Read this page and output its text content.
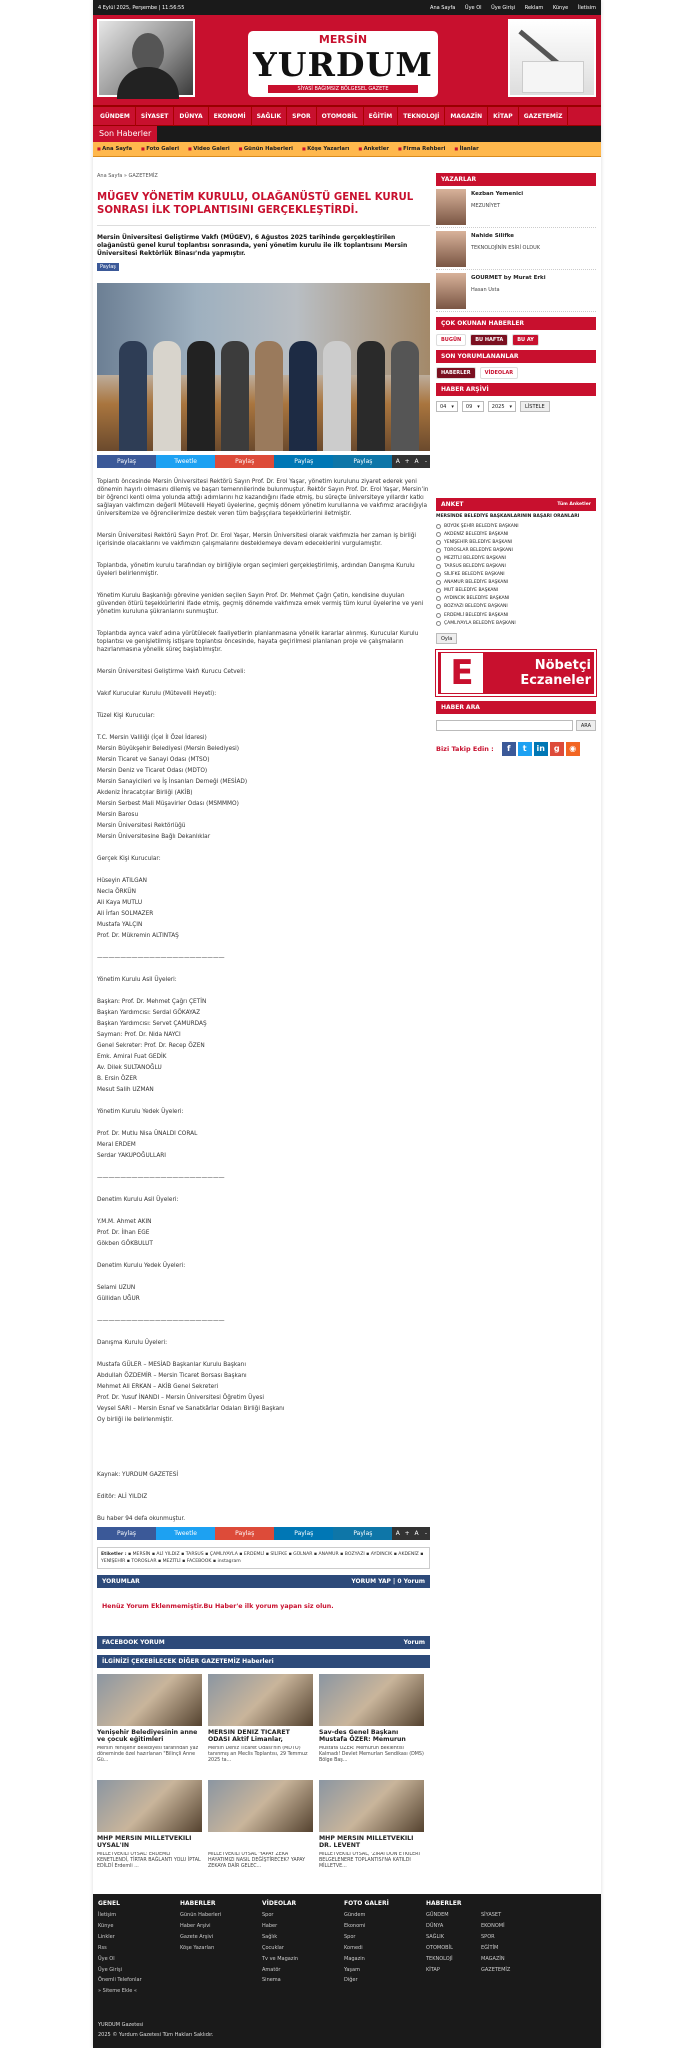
4 Eylül 2025, Perşembe | 11:56:55	Ana Sayfa Üye Ol Üye Girişi Reklam Künye İletisim
MERSİN
YURDUM
SİYASİ BAĞIMSIZ BÖLGESEL GAZETE
GÜNDEM	SİYASET	DÜNYA	EKONOMİ	SAĞLIK	SPOR	OTOMOBİL	EĞİTİM	TEKNOLOJİ	MAGAZİN	KİTAP	GAZETEMİZ
Son Haberler
■ Ana Sayfa	■ Foto Galeri	■ Video Galeri	■ Günün Haberleri	■ Köşe Yazarları	■ Anketler	■ Firma Rehberi	■ İlanlar
Ana Sayfa » GAZETEMİZ
MÜGEV YÖNETİM KURULU, OLAĞANÜSTÜ GENEL KURUL SONRASI İLK TOPLANTISINI GERÇEKLEŞTİRDİ.
Mersin Üniversitesi Geliştirme Vakfı (MÜGEV), 6 Ağustos 2025 tarihinde gerçekleştirilen olağanüstü genel kurul toplantısı sonrasında, yeni yönetim kurulu ile ilk toplantısını Mersin Üniversitesi Rektörlük Binası’nda yapmıştır.
Paylaş
Paylaş	Tweetle	Paylaş	Paylaş	Paylaş	A + A	-

Toplantı öncesinde Mersin Üniversitesi Rektörü Sayın Prof. Dr. Erol Yaşar, yönetim kurulunu ziyaret ederek yeni dönemin hayırlı olmasını dilemiş ve başarı temennilerinde bulunmuştur. Rektör Sayın Prof. Dr. Erol Yaşar, Mersin’in bir öğrenci kenti olma yolunda attığı adımlarını hız kazandığını ifade etmiş, bu süreçte üniversiteye yıllardır katkı sağlayan vakfımızın değerli Mütevelli Heyeti üyelerine, geçmiş dönem yönetim kurullarına ve vakfımız aracılığıyla üniversitemize ve öğrencilerimize destek veren tüm bağışçılara teşekkürlerini iletmiştir.

Mersin Üniversitesi Rektörü Sayın Prof. Dr. Erol Yaşar, Mersin Üniversitesi olarak vakfımızla her zaman iş birliği içerisinde olacaklarını ve vakfımızın çalışmalarını desteklemeye devam edeceklerini vurgulamıştır.

Toplantıda, yönetim kurulu tarafından oy birliğiyle organ seçimleri gerçekleştirilmiş, ardından Danışma Kurulu üyeleri belirlenmiştir.

Yönetim Kurulu Başkanlığı görevine yeniden seçilen Sayın Prof. Dr. Mehmet Çağrı Çetin, kendisine duyulan güvenden ötürü teşekkürlerini ifade etmiş, geçmiş dönemde vakfımıza emek vermiş tüm kurul üyelerine ve yeni yönetim kuruluna şükranlarını sunmuştur.

Toplantıda ayrıca vakıf adına yürütülecek faaliyetlerin planlanmasına yönelik kararlar alınmış. Kurucular Kurulu toplantısı ve genişletilmiş istişare toplantısı öncesinde, hayata geçirilmesi planlanan proje ve çalışmaların hazırlanmasına yönelik süreç başlatılmıştır.

Mersin Üniversitesi Geliştirme Vakfı Kurucu Cetveli:

Vakıf Kurucular Kurulu (Mütevelli Heyeti):

Tüzel Kişi Kurucular:

T.C. Mersin Valiliği (İçel İl Özel İdaresi)

Mersin Büyükşehir Belediyesi (Mersin Belediyesi)

Mersin Ticaret ve Sanayi Odası (MTSO)

Mersin Deniz ve Ticaret Odası (MDTO)

Mersin Sanayicileri ve İş İnsanları Derneği (MESİAD)

Akdeniz İhracatçılar Birliği (AKİB)

Mersin Serbest Mali Müşavirler Odası (MSMMMO)

Mersin Barosu

Mersin Üniversitesi Rektörlüğü

Mersin Üniversitesine Bağlı Dekanlıklar

Gerçek Kişi Kurucular:

Hüseyin ATILGAN

Necla ÖRKÜN

Ali Kaya MUTLU

Ali İrfan SOLMAZER

Mustafa YALÇIN

Prof. Dr. Mükremin ALTINTAŞ

——————————————————————

Yönetim Kurulu Asil Üyeleri:

Başkan: Prof. Dr. Mehmet Çağrı ÇETİN

Başkan Yardımcısı: Serdal GÖKAYAZ

Başkan Yardımcısı: Servet ÇAMURDAŞ

Sayman: Prof. Dr. Nida NAYCI

Genel Sekreter: Prof. Dr. Recep ÖZEN

Emk. Amiral Fuat GEDİK

Av. Dilek SULTANOĞLU

B. Ersin ÖZER

Mesut Salih UZMAN

Yönetim Kurulu Yedek Üyeleri:

Prof. Dr. Mutlu Nisa ÜNALDI CORAL

Meral ERDEM

Serdar YAKUPOĞULLARI

——————————————————————

Denetim Kurulu Asil Üyeleri:

Y.M.M. Ahmet AKIN

Prof. Dr. İlhan EGE

Gökben GÖKBULUT

Denetim Kurulu Yedek Üyeleri:

Selami UZUN

Güllidan UĞUR

——————————————————————

Danışma Kurulu Üyeleri:

Mustafa GÜLER – MESİAD Başkanlar Kurulu Başkanı

Abdullah ÖZDEMİR – Mersin Ticaret Borsası Başkanı

Mehmet Ali ERKAN – AKİB Genel Sekreteri

Prof. Dr. Yusuf İNANDI – Mersin Üniversitesi Öğretim Üyesi

Veysel SARI – Mersin Esnaf ve Sanatkârlar Odaları Birliği Başkanı

Oy birliği ile belirlenmiştir.

Kaynak: YURDUM GAZETESİ

Editör: ALİ YILDIZ

Bu haber 94 defa okunmuştur.

Paylaş	Tweetle	Paylaş	Paylaş	Paylaş	A + A	-
Etiketler : ▪ MERSİN ▪ ALİ YILDIZ ▪ TARSUS ▪ ÇAMLIYAYLA ▪ ERDEMLİ ▪ SİLİFKE ▪ GÜLNAR ▪ ANAMUR ▪ BOZYAZI ▪ AYDINCIK ▪ AKDENİZ ▪ YENİŞEHİR ▪ TOROSLAR ▪ MEZİTLİ ▪ FACEBOOK ▪ instagram
YORUMLAR	YORUM YAP | 0 Yorum
Henüz Yorum Eklenmemiştir.Bu Haber'e ilk yorum yapan siz olun.
FACEBOOK YORUM	Yorum
İLGİNİZİ ÇEKEBİLECEK DİĞER GAZETEMİZ Haberleri
Yenişehir Belediyesinin anne ve çocuk eğitimleri
Mersin Yenişehir Belediyesi tarafından yaz döneminde özel hazırlanan "Bilinçli Anne Gü...
MERSİN DENİZ TİCARET ODASI Aktif Limanlar,
Mersin Deniz Ticaret Odası'nın (MDTO) tanınmış arı Meclis Toplantısı, 29 Temmuz 2025 ta...
Sav-des Genel Başkanı Mustafa ÖZER: Memurun
Mustafa ÖZER: Memurun Beklentisi Kalmadı! Devlet Memurları Sendikası (DMS) Bölge Baş...
MHP MERSİN MİLLETVEKİLİ UYSAL'IN
MİLLETVEKİLİ UYSAL: ERDEMLİ KENETLENDİ, TİRTAR BAĞLANTI YOLU İPTAL EDİLDİ Erdemli ...
MİLLETVEKİLİ UYSAL 'YAPAY ZEKA HAYATIMIZI NASIL DEĞİŞTİRECEK? YAPAY ZEKAYA DAİR GELEC...
MHP MERSİN MİLLETVEKİLİ DR. LEVENT
MİLLETVEKİLİ UYSAL, 'ZİRAİ DON ETKİLERİ BELGELENERE TOPLANTISI'NA KATILDI MİLLETVE...
YAZARLAR
Kezban Yemenici
MEZUNİYET
Nahide Silifke
TEKNOLOJİNİN ESİRİ OLDUK
GOURMET by Murat Erki
Hasan Usta
ÇOK OKUNAN HABERLER
BUGÜN	BU HAFTA	BU AY
SON YORUMLANANLAR
HABERLER	VİDEOLAR
HABER ARŞİVİ
04 ▾ 09 ▾ 2025 ▾	LİSTELE
ANKET	Tüm Anketler
MERSİNDE BELEDİYE BAŞKANLARININ BAŞARI ORANLARI
BÜYÜK ŞEHİR BELEDİYE BAŞKANI
AKDENİZ BELEDİYE BAŞKANI
YENİŞEHİR BELEDİYE BAŞKANI
TOROSLAR BELEDİYE BAŞKANI
MEZİTLİ BELEDİYE BAŞKANI
TARSUS BELEDİYE BAŞKANI
SİLİFKE BELEDİYE BAŞKANI
ANAMUR BELEDİYE BAŞKANI
MUT BELEDİYE BAŞKANI
AYDINCIK BELEDİYE BAŞKANI
BOZYAZI BELEDİYE BAŞKANI
ERDEMLİ BELEDİYE BAŞKANI
ÇAMLIYAYLA BELEDİYE BAŞKANI
Oyla
E	Nöbetçi
Eczaneler
HABER ARA
ARA
Bizi Takip Edin :	f	t	in	g	◉
GENEL
İletişim
Künye
Linkler
Rss
Üye Ol
Üye Girişi
Önemli Telefonlar
» Siteme Ekle «
HABERLER
Günün Haberleri
Haber Arşivi
Gazete Arşivi
Köşe Yazarları
VİDEOLAR
Spor
Haber
Sağlık
Çocuklar
Tv ve Magazin
Amatör
Sinema
FOTO GALERİ
Gündem
Ekonomi
Spor
Komedi
Magazin
Yaşam
Diğer
HABERLER
GÜNDEM	SİYASET
DÜNYA	EKONOMİ
SAĞLIK	SPOR
OTOMOBİL	EĞİTİM
TEKNOLOJİ	MAGAZİN
KİTAP	GAZETEMİZ
YURDUM Gazetesi
2025 © Yurdum Gazetesi Tüm Hakları Saklıdır.
